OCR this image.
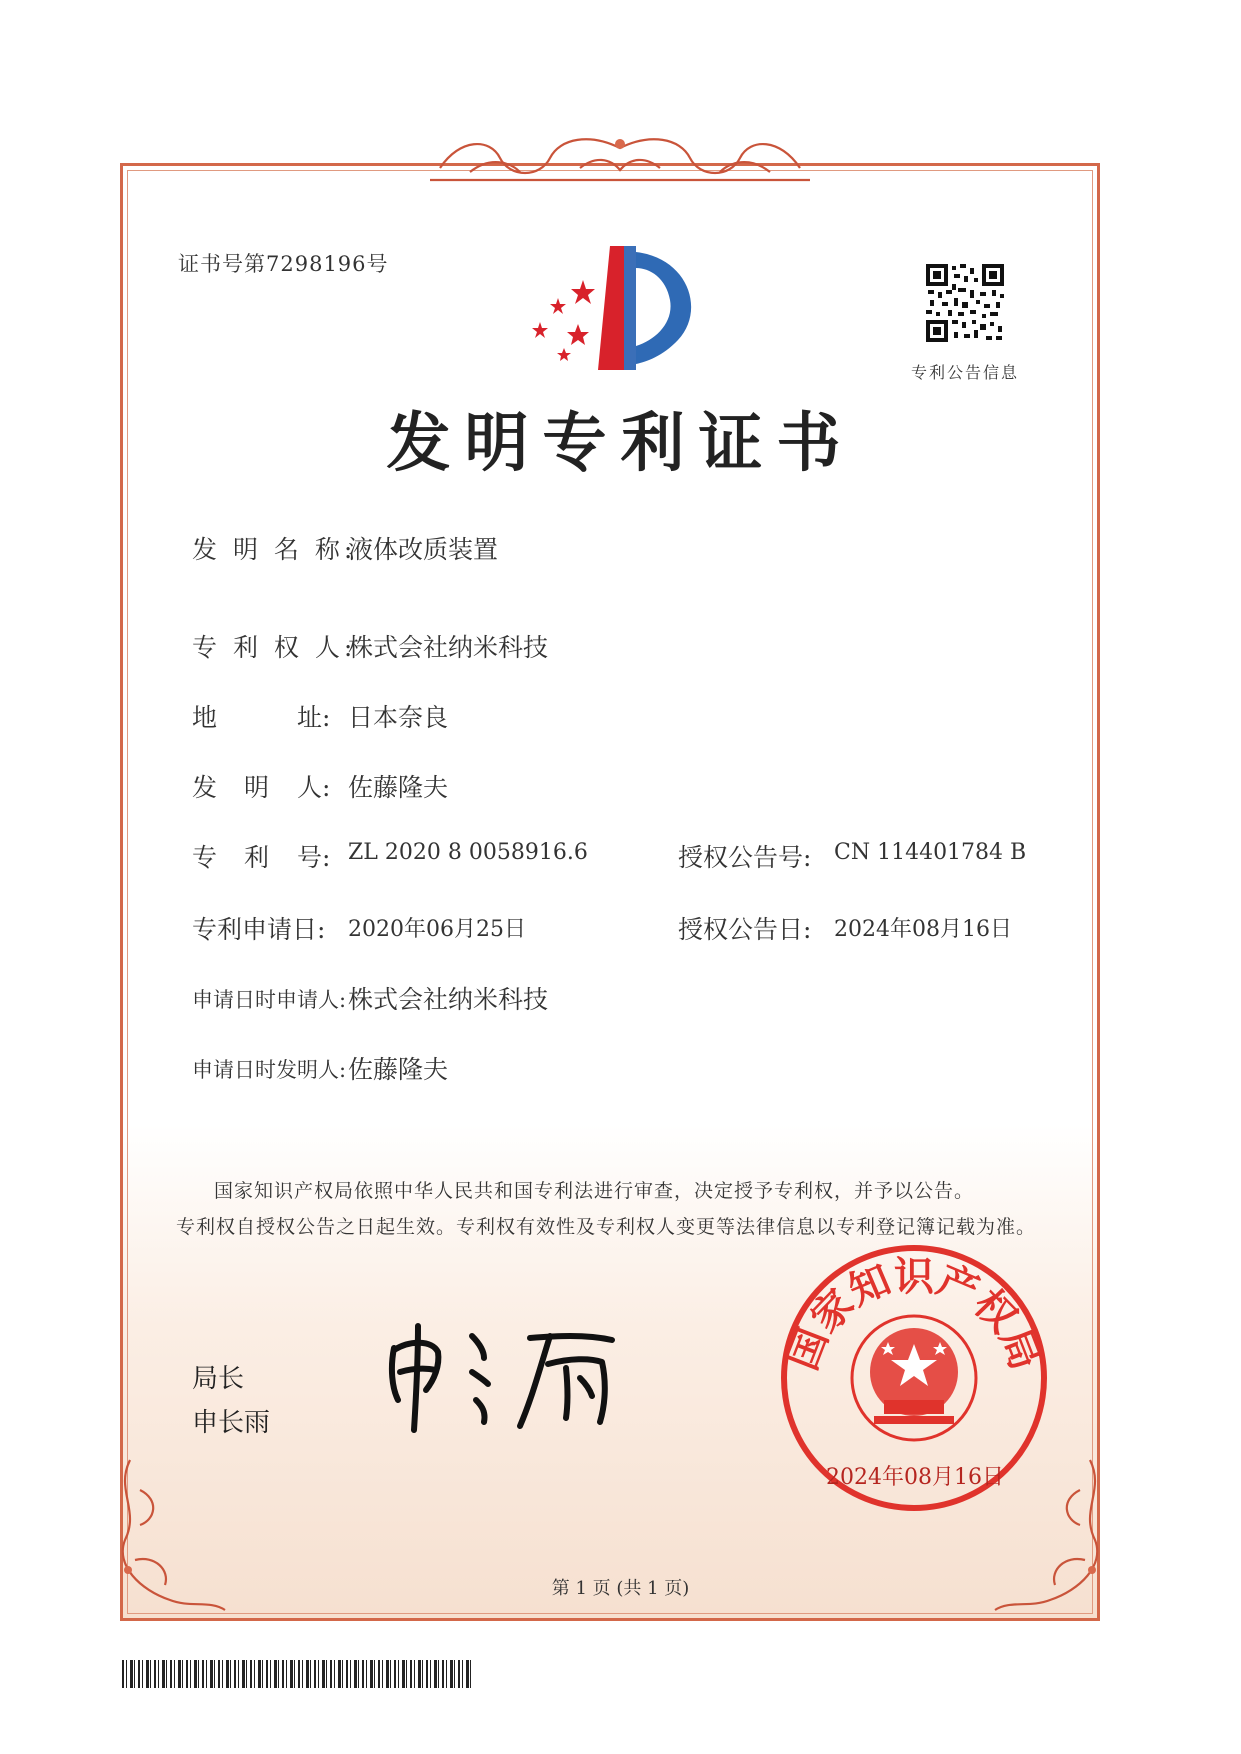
证书号第7298196号
专利公告信息
发明专利证书
发 明 名 称:
液体改质装置
专 利 权 人:
株式会社纳米科技
地	址: 日本奈良
发 明 人: 佐藤隆夫
专 利 号: ZL 2020 8 0058916.6	授权公告号: CN 114401784 B
专利申请日: 2020年06月25日	授权公告日: 2024年08月16日
申请日时申请人: 株式会社纳米科技
申请日时发明人: 佐藤隆夫
国家知识产权局依照中华人民共和国专利法进行审查，决定授予专利权，并予以公告。
专利权自授权公告之日起生效。专利权有效性及专利权人变更等法律信息以专利登记簿记载为准。
局长
申长雨
国家知识产权局
2024年08月16日
第 1 页 (共 1 页)
